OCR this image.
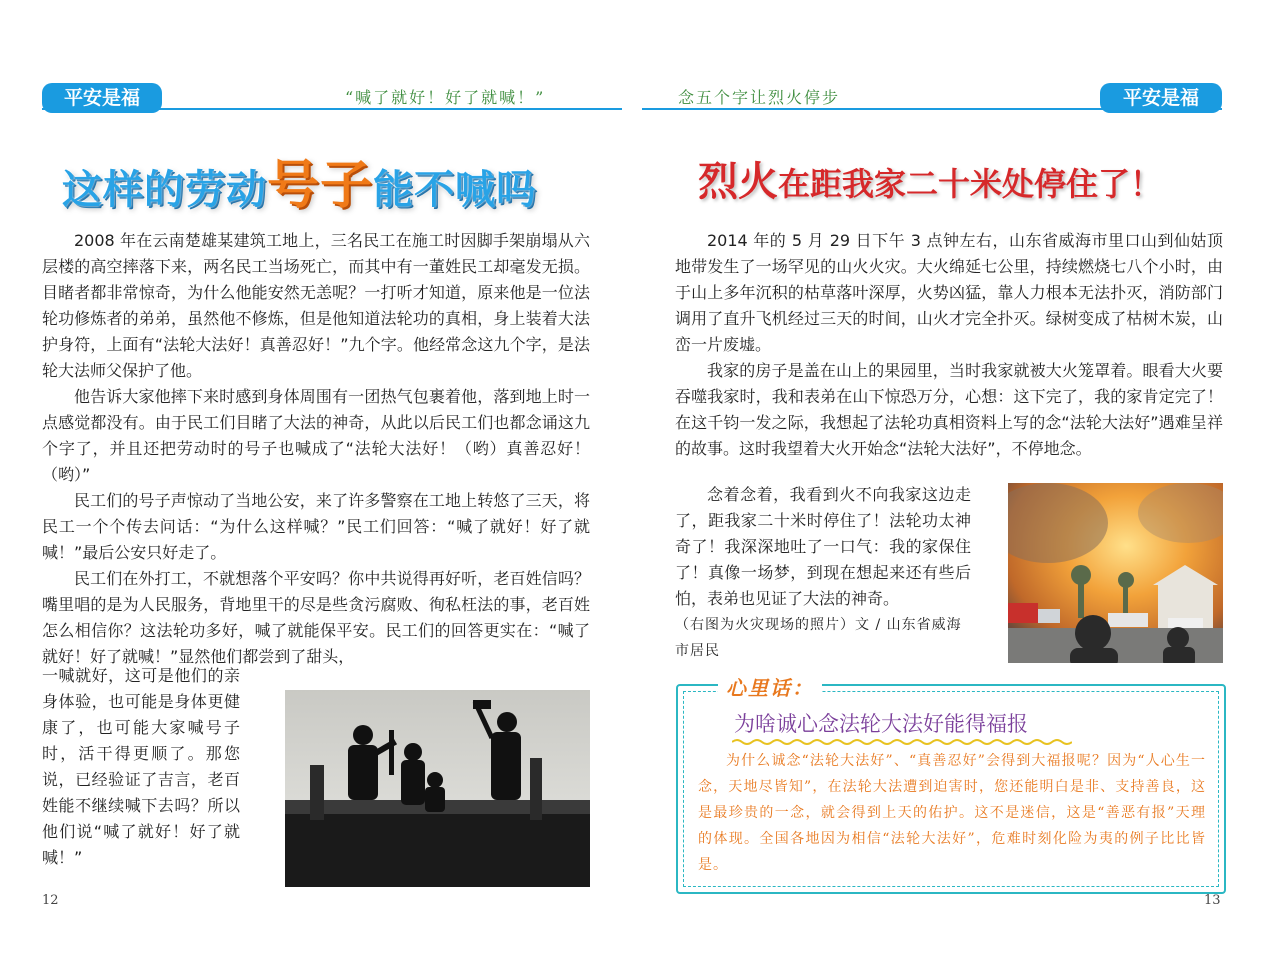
平安是福	平安是福
“喊了就好！好了就喊！”	念五个字让烈火停步
这样的劳动号子能不喊吗

2008 年在云南楚雄某建筑工地上，三名民工在施工时因脚手架崩塌从六层楼的高空摔落下来，两名民工当场死亡，而其中有一董姓民工却毫发无损。目睹者都非常惊奇，为什么他能安然无恙呢？一打听才知道，原来他是一位法轮功修炼者的弟弟，虽然他不修炼，但是他知道法轮功的真相，身上装着大法护身符，上面有“法轮大法好！真善忍好！”九个字。他经常念这九个字，是法轮大法师父保护了他。

他告诉大家他摔下来时感到身体周围有一团热气包裹着他，落到地上时一点感觉都没有。由于民工们目睹了大法的神奇，从此以后民工们也都念诵这九个字了，并且还把劳动时的号子也喊成了“法轮大法好！（哟）真善忍好！（哟）”

民工们的号子声惊动了当地公安，来了许多警察在工地上转悠了三天，将民工一个个传去问话：“为什么这样喊？”民工们回答：“喊了就好！好了就喊！”最后公安只好走了。

民工们在外打工，不就想落个平安吗？你中共说得再好听，老百姓信吗？嘴里唱的是为人民服务，背地里干的尽是些贪污腐败、徇私枉法的事，老百姓怎么相信你？这法轮功多好，喊了就能保平安。民工们的回答更实在：“喊了就好！好了就喊！”显然他们都尝到了甜头，

一喊就好，这可是他们的亲身体验，也可能是身体更健康了，也可能大家喊号子时，活干得更顺了。那您说，已经验证了吉言，老百姓能不继续喊下去吗？所以他们说“喊了就好！好了就喊！”

12
烈火在距我家二十米处停住了！

2014 年的 5 月 29 日下午 3 点钟左右，山东省威海市里口山到仙姑顶地带发生了一场罕见的山火火灾。大火绵延七公里，持续燃烧七八个小时，由于山上多年沉积的枯草落叶深厚，火势凶猛，靠人力根本无法扑灭，消防部门调用了直升飞机经过三天的时间，山火才完全扑灭。绿树变成了枯树木炭，山峦一片废墟。

我家的房子是盖在山上的果园里，当时我家就被大火笼罩着。眼看大火要吞噬我家时，我和表弟在山下惊恐万分，心想：这下完了，我的家肯定完了！在这千钧一发之际，我想起了法轮功真相资料上写的念“法轮大法好”遇难呈祥的故事。这时我望着大火开始念“法轮大法好”，不停地念。

念着念着，我看到火不向我家这边走了，距我家二十米时停住了！法轮功太神奇了！我深深地吐了一口气：我的家保住了！真像一场梦，到现在想起来还有些后怕，表弟也见证了大法的神奇。

（右图为火灾现场的照片）文 / 山东省威海市居民

心里话：
为啥诚心念法轮大法好能得福报

为什么诚念“法轮大法好”、“真善忍好”会得到大福报呢？因为“人心生一念，天地尽皆知”，在法轮大法遭到迫害时，您还能明白是非、支持善良，这是最珍贵的一念，就会得到上天的佑护。这不是迷信，这是“善恶有报”天理的体现。全国各地因为相信“法轮大法好”，危难时刻化险为夷的例子比比皆是。

13
